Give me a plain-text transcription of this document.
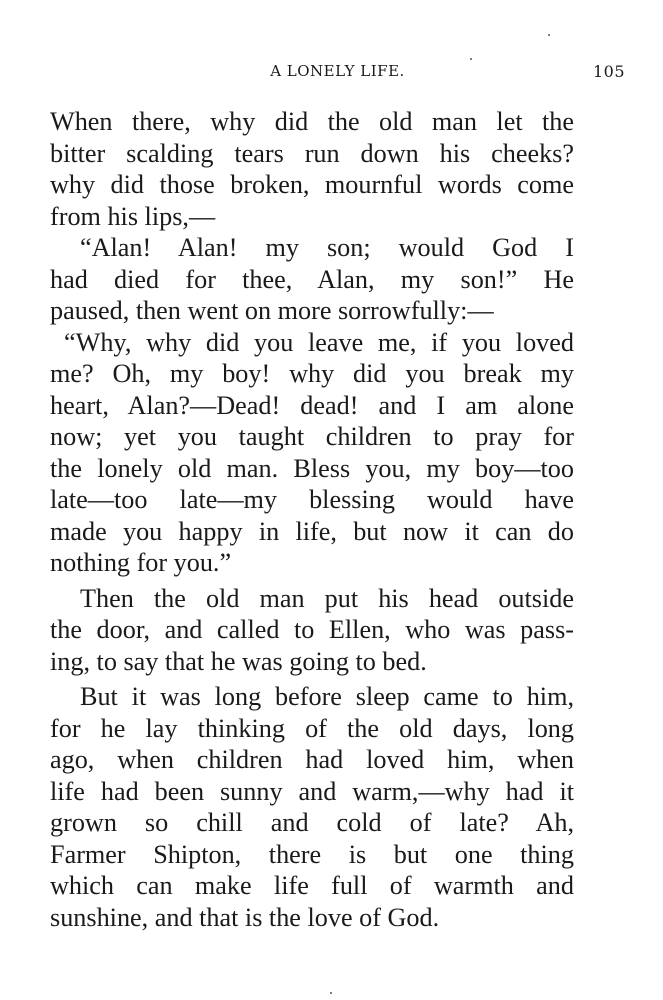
A LONELY LIFE.	105
When there, why did the old man let the
bitter scalding tears run down his cheeks?
why did those broken, mournful words come
from his lips,—
“Alan! Alan! my son; would God I
had died for thee, Alan, my son!” He
paused, then went on more sorrowfully:—
“Why, why did you leave me, if you loved
me? Oh, my boy! why did you break my
heart, Alan?—Dead! dead! and I am alone
now; yet you taught children to pray for
the lonely old man. Bless you, my boy—too
late—too late—my blessing would have
made you happy in life, but now it can do
nothing for you.”
Then the old man put his head outside
the door, and called to Ellen, who was pass-
ing, to say that he was going to bed.
But it was long before sleep came to him,
for he lay thinking of the old days, long
ago, when children had loved him, when
life had been sunny and warm,—why had it
grown so chill and cold of late? Ah,
Farmer Shipton, there is but one thing
which can make life full of warmth and
sunshine, and that is the love of God.
